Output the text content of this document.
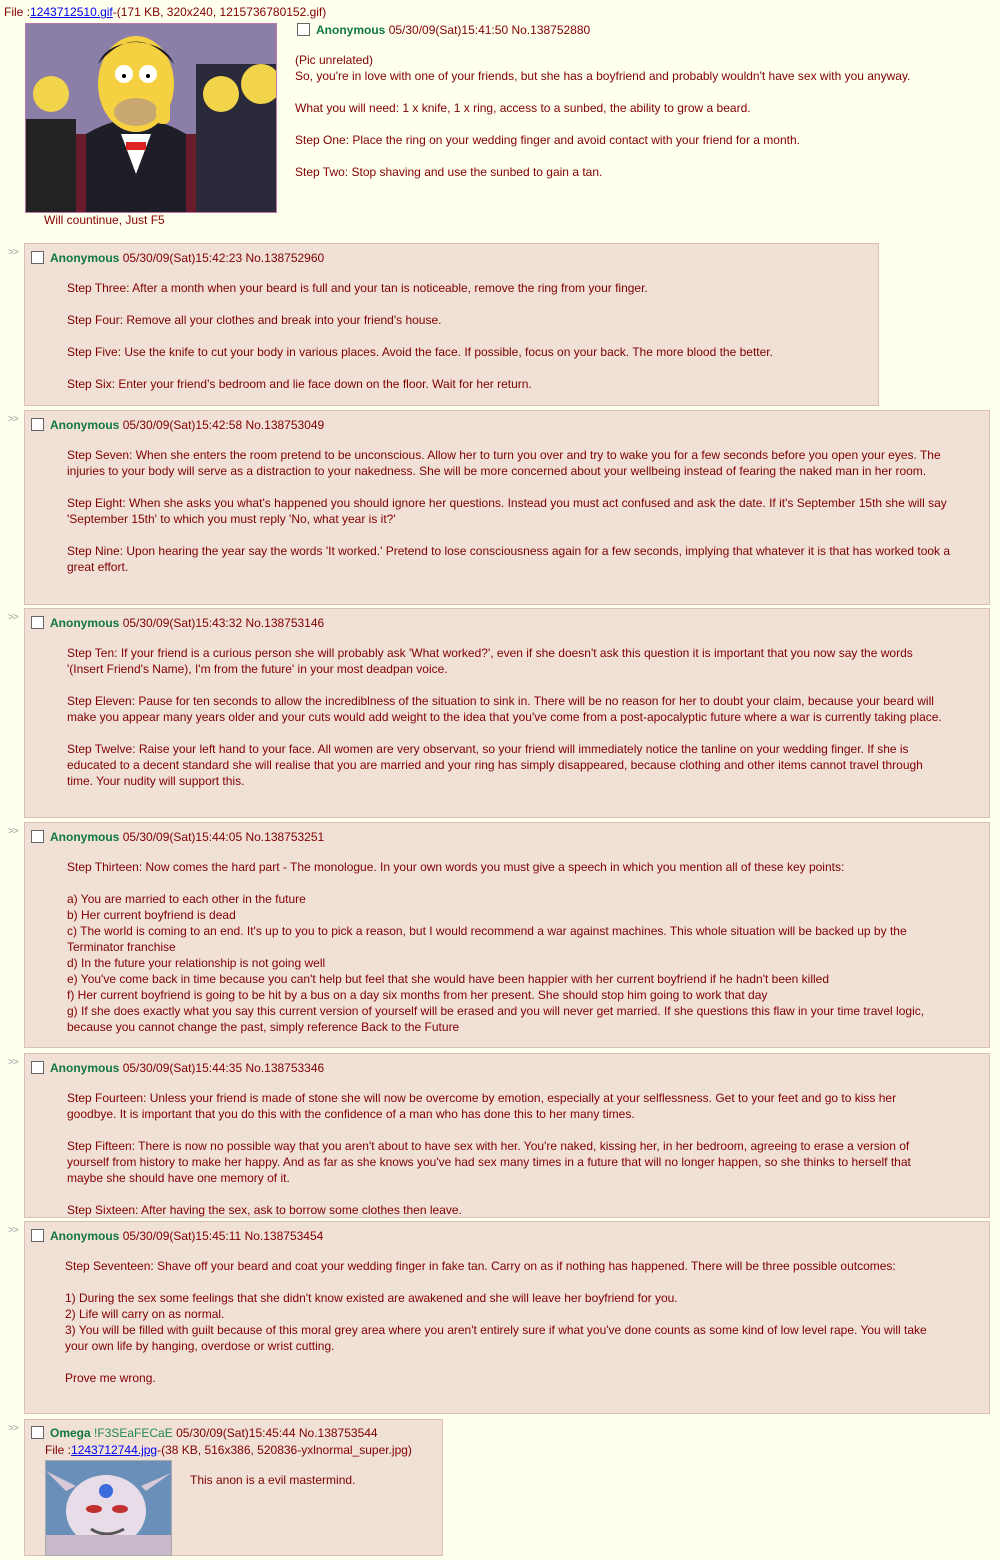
File :1243712510.gif-(171 KB, 320x240, 1215736780152.gif)
Will countinue, Just F5
Anonymous 05/30/09(Sat)15:41:50 No.138752880
(Pic unrelated)
So, you're in love with one of your friends, but she has a boyfriend and probably wouldn't have sex with you anyway.
What you will need: 1 x knife, 1 x ring, access to a sunbed, the ability to grow a beard.
Step One: Place the ring on your wedding finger and avoid contact with your friend for a month.
Step Two: Stop shaving and use the sunbed to gain a tan.
>>	Anonymous 05/30/09(Sat)15:42:23 No.138752960
Step Three: After a month when your beard is full and your tan is noticeable, remove the ring from your finger.
Step Four: Remove all your clothes and break into your friend's house.
Step Five: Use the knife to cut your body in various places. Avoid the face. If possible, focus on your back. The more blood the better.
Step Six: Enter your friend's bedroom and lie face down on the floor. Wait for her return.
>>	Anonymous 05/30/09(Sat)15:42:58 No.138753049
Step Seven: When she enters the room pretend to be unconscious. Allow her to turn you over and try to wake you for a few seconds before you open your eyes. The injuries to your body will serve as a distraction to your nakedness. She will be more concerned about your wellbeing instead of fearing the naked man in her room.
Step Eight: When she asks you what's happened you should ignore her questions. Instead you must act confused and ask the date. If it's September 15th she will say 'September 15th' to which you must reply 'No, what year is it?'
Step Nine: Upon hearing the year say the words 'It worked.' Pretend to lose consciousness again for a few seconds, implying that whatever it is that has worked took a great effort.
>>	Anonymous 05/30/09(Sat)15:43:32 No.138753146
Step Ten: If your friend is a curious person she will probably ask 'What worked?', even if she doesn't ask this question it is important that you now say the words '(Insert Friend's Name), I'm from the future' in your most deadpan voice.
Step Eleven: Pause for ten seconds to allow the incrediblness of the situation to sink in. There will be no reason for her to doubt your claim, because your beard will make you appear many years older and your cuts would add weight to the idea that you've come from a post-apocalyptic future where a war is currently taking place.
Step Twelve: Raise your left hand to your face. All women are very observant, so your friend will immediately notice the tanline on your wedding finger. If she is educated to a decent standard she will realise that you are married and your ring has simply disappeared, because clothing and other items cannot travel through time. Your nudity will support this.
>>	Anonymous 05/30/09(Sat)15:44:05 No.138753251
Step Thirteen: Now comes the hard part - The monologue. In your own words you must give a speech in which you mention all of these key points:
a) You are married to each other in the future
b) Her current boyfriend is dead
c) The world is coming to an end. It's up to you to pick a reason, but I would recommend a war against machines. This whole situation will be backed up by the Terminator franchise
d) In the future your relationship is not going well
e) You've come back in time because you can't help but feel that she would have been happier with her current boyfriend if he hadn't been killed
f) Her current boyfriend is going to be hit by a bus on a day six months from her present. She should stop him going to work that day
g) If she does exactly what you say this current version of yourself will be erased and you will never get married. If she questions this flaw in your time travel logic, because you cannot change the past, simply reference Back to the Future
>>	Anonymous 05/30/09(Sat)15:44:35 No.138753346
Step Fourteen: Unless your friend is made of stone she will now be overcome by emotion, especially at your selflessness. Get to your feet and go to kiss her goodbye. It is important that you do this with the confidence of a man who has done this to her many times.
Step Fifteen: There is now no possible way that you aren't about to have sex with her. You're naked, kissing her, in her bedroom, agreeing to erase a version of yourself from history to make her happy. And as far as she knows you've had sex many times in a future that will no longer happen, so she thinks to herself that maybe she should have one memory of it.
Step Sixteen: After having the sex, ask to borrow some clothes then leave.
>>	Anonymous 05/30/09(Sat)15:45:11 No.138753454
Step Seventeen: Shave off your beard and coat your wedding finger in fake tan. Carry on as if nothing has happened. There will be three possible outcomes:
1) During the sex some feelings that she didn't know existed are awakened and she will leave her boyfriend for you.
2) Life will carry on as normal.
3) You will be filled with guilt because of this moral grey area where you aren't entirely sure if what you've done counts as some kind of low level rape. You will take your own life by hanging, overdose or wrist cutting.
Prove me wrong.
>>	Omega !F3SEaFECaE 05/30/09(Sat)15:45:44 No.138753544
File :1243712744.jpg-(38 KB, 516x386, 520836-yxlnormal_super.jpg)
This anon is a evil mastermind.
